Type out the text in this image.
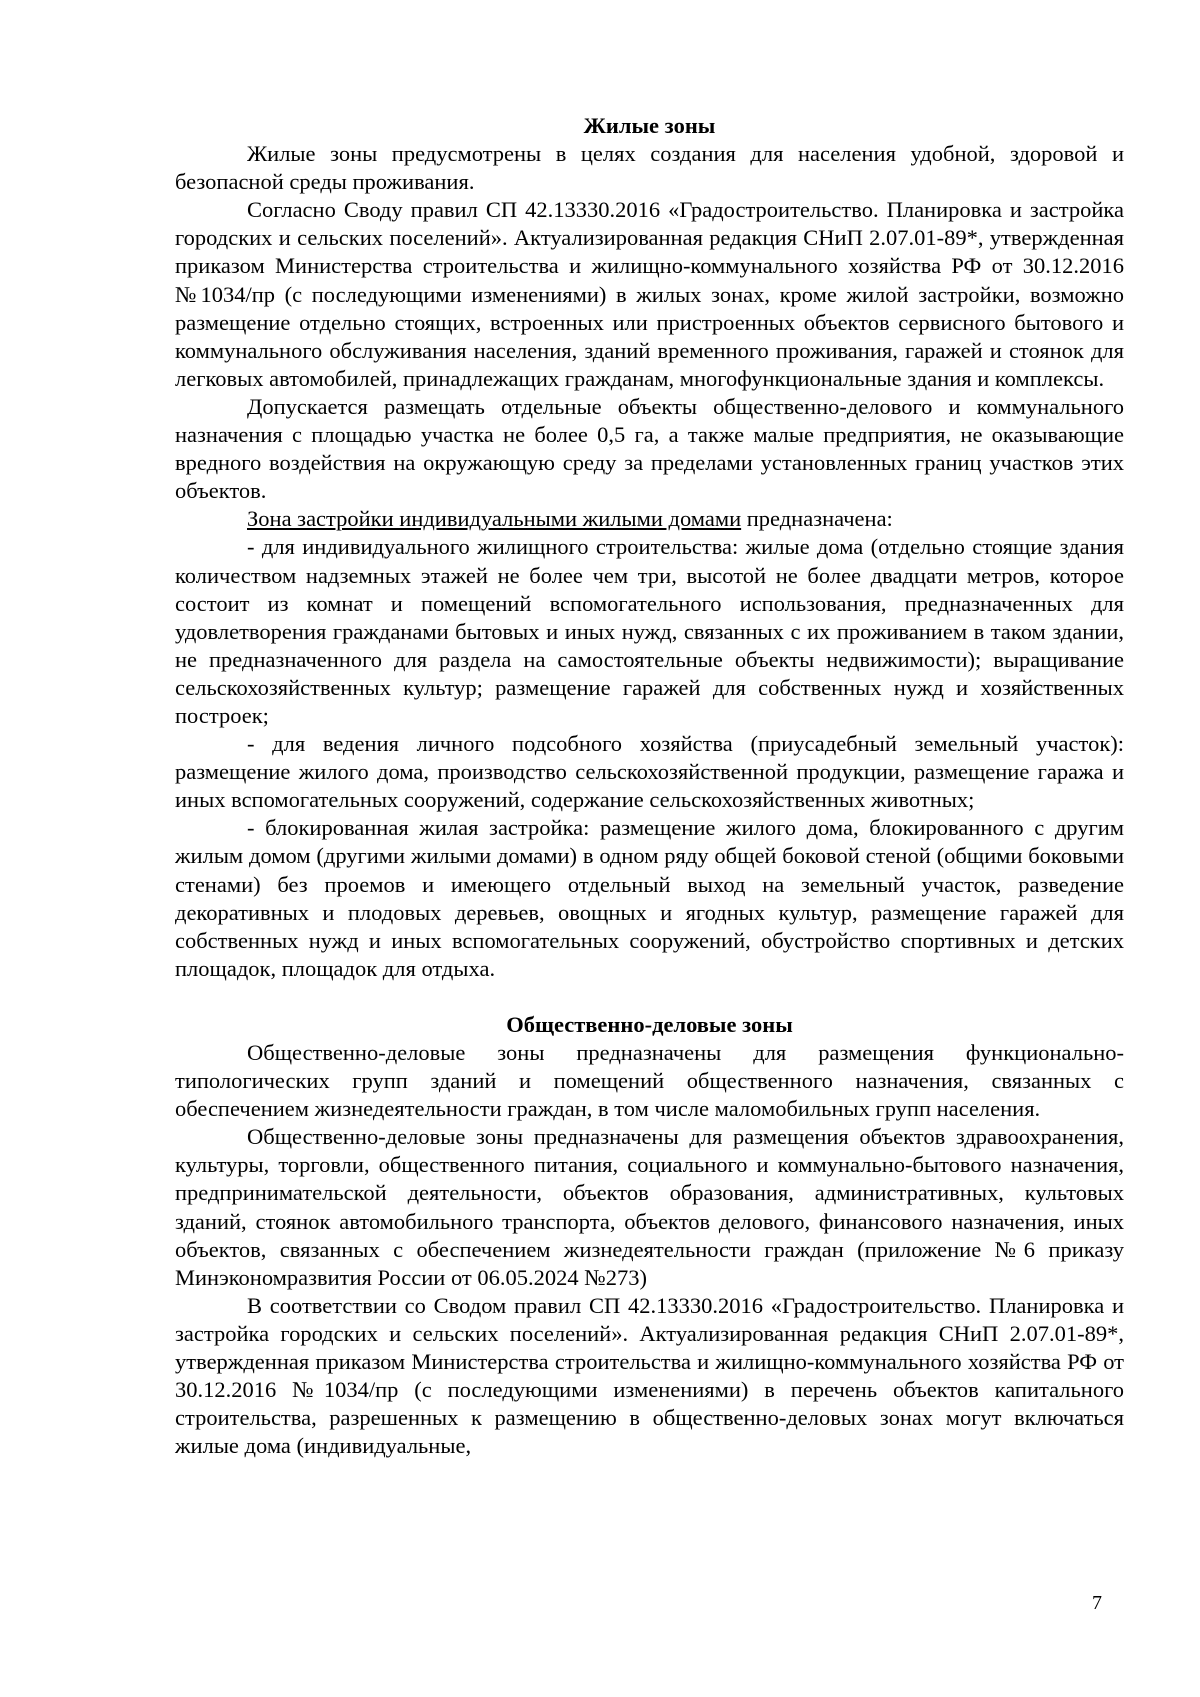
Жилые зоны

Жилые зоны предусмотрены в целях создания для населения удобной, здоровой и безопасной среды проживания.

Согласно Своду правил СП 42.13330.2016 «Градостроительство. Планировка и застройка городских и сельских поселений». Актуализированная редакция СНиП 2.07.01-89*, утвержденная приказом Министерства строительства и жилищно-коммунального хозяйства РФ от 30.12.2016 №1034/пр (с последующими изменениями) в жилых зонах, кроме жилой застройки, возможно размещение отдельно стоящих, встроенных или пристроенных объектов сервисного бытового и коммунального обслуживания населения, зданий временного проживания, гаражей и стоянок для легковых автомобилей, принадлежащих гражданам, многофункциональные здания и комплексы.

Допускается размещать отдельные объекты общественно-делового и коммунального назначения с площадью участка не более 0,5 га, а также малые предприятия, не оказывающие вредного воздействия на окружающую среду за пределами установленных границ участков этих объектов.

Зона застройки индивидуальными жилыми домами предназначена:

- для индивидуального жилищного строительства: жилые дома (отдельно стоящие здания количеством надземных этажей не более чем три, высотой не более двадцати метров, которое состоит из комнат и помещений вспомогательного использования, предназначенных для удовлетворения гражданами бытовых и иных нужд, связанных с их проживанием в таком здании, не предназначенного для раздела на самостоятельные объекты недвижимости); выращивание сельскохозяйственных культур; размещение гаражей для собственных нужд и хозяйственных построек;

- для ведения личного подсобного хозяйства (приусадебный земельный участок): размещение жилого дома, производство сельскохозяйственной продукции, размещение гаража и иных вспомогательных сооружений, содержание сельскохозяйственных животных;

- блокированная жилая застройка: размещение жилого дома, блокированного с другим жилым домом (другими жилыми домами) в одном ряду общей боковой стеной (общими боковыми стенами) без проемов и имеющего отдельный выход на земельный участок, разведение декоративных и плодовых деревьев, овощных и ягодных культур, размещение гаражей для собственных нужд и иных вспомогательных сооружений, обустройство спортивных и детских площадок, площадок для отдыха.

Общественно-деловые зоны

Общественно-деловые зоны предназначены для размещения функционально-типологических групп зданий и помещений общественного назначения, связанных с обеспечением жизнедеятельности граждан, в том числе маломобильных групп населения.

Общественно-деловые зоны предназначены для размещения объектов здравоохранения, культуры, торговли, общественного питания, социального и коммунально-бытового назначения, предпринимательской деятельности, объектов образования, административных, культовых зданий, стоянок автомобильного транспорта, объектов делового, финансового назначения, иных объектов, связанных с обеспечением жизнедеятельности граждан (приложение №6 приказу Минэкономразвития России от 06.05.2024 №273)

В соответствии со Сводом правил СП 42.13330.2016 «Градостроительство. Планировка и застройка городских и сельских поселений». Актуализированная редакция СНиП 2.07.01-89*, утвержденная приказом Министерства строительства и жилищно-коммунального хозяйства РФ от 30.12.2016 №1034/пр (с последующими изменениями) в перечень объектов капитального строительства, разрешенных к размещению в общественно-деловых зонах могут включаться жилые дома (индивидуальные,

7
